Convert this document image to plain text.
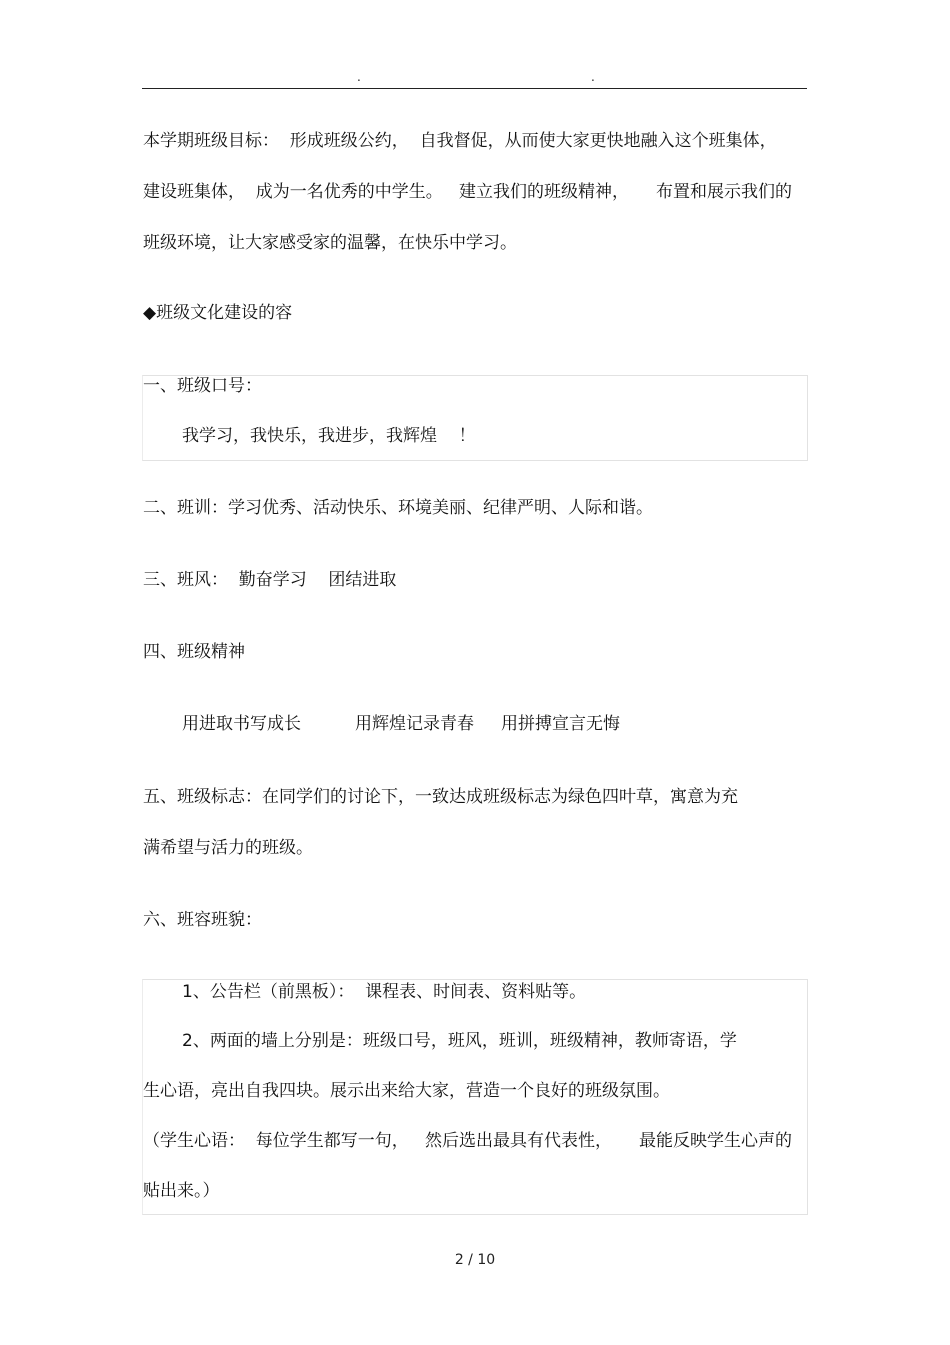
.	.
本学期班级目标：  形成班级公约，  自我督促，从而使大家更快地融入这个班集体，
建设班集体，  成为一名优秀的中学生。   建立我们的班级精神，     布置和展示我们的
班级环境，让大家感受家的温馨，在快乐中学习。
◆班级文化建设的容
一、班级口号：
我学习，我快乐，我进步，我辉煌    ！
二、班训：学习优秀、活动快乐、环境美丽、纪律严明、人际和谐。
三、班风：  勤奋学习    团结进取
四、班级精神
用进取书写成长          用辉煌记录青春     用拼搏宣言无悔
五、班级标志：在同学们的讨论下，一致达成班级标志为绿色四叶草，寓意为充
满希望与活力的班级。
六、班容班貌：
1、公告栏（前黑板）：  课程表、时间表、资料贴等。
2、两面的墙上分别是：班级口号，班风，班训，班级精神，教师寄语，学
生心语，亮出自我四块。展示出来给大家，营造一个良好的班级氛围。
（学生心语：  每位学生都写一句，   然后选出最具有代表性，     最能反映学生心声的
贴出来。）
2 / 10
